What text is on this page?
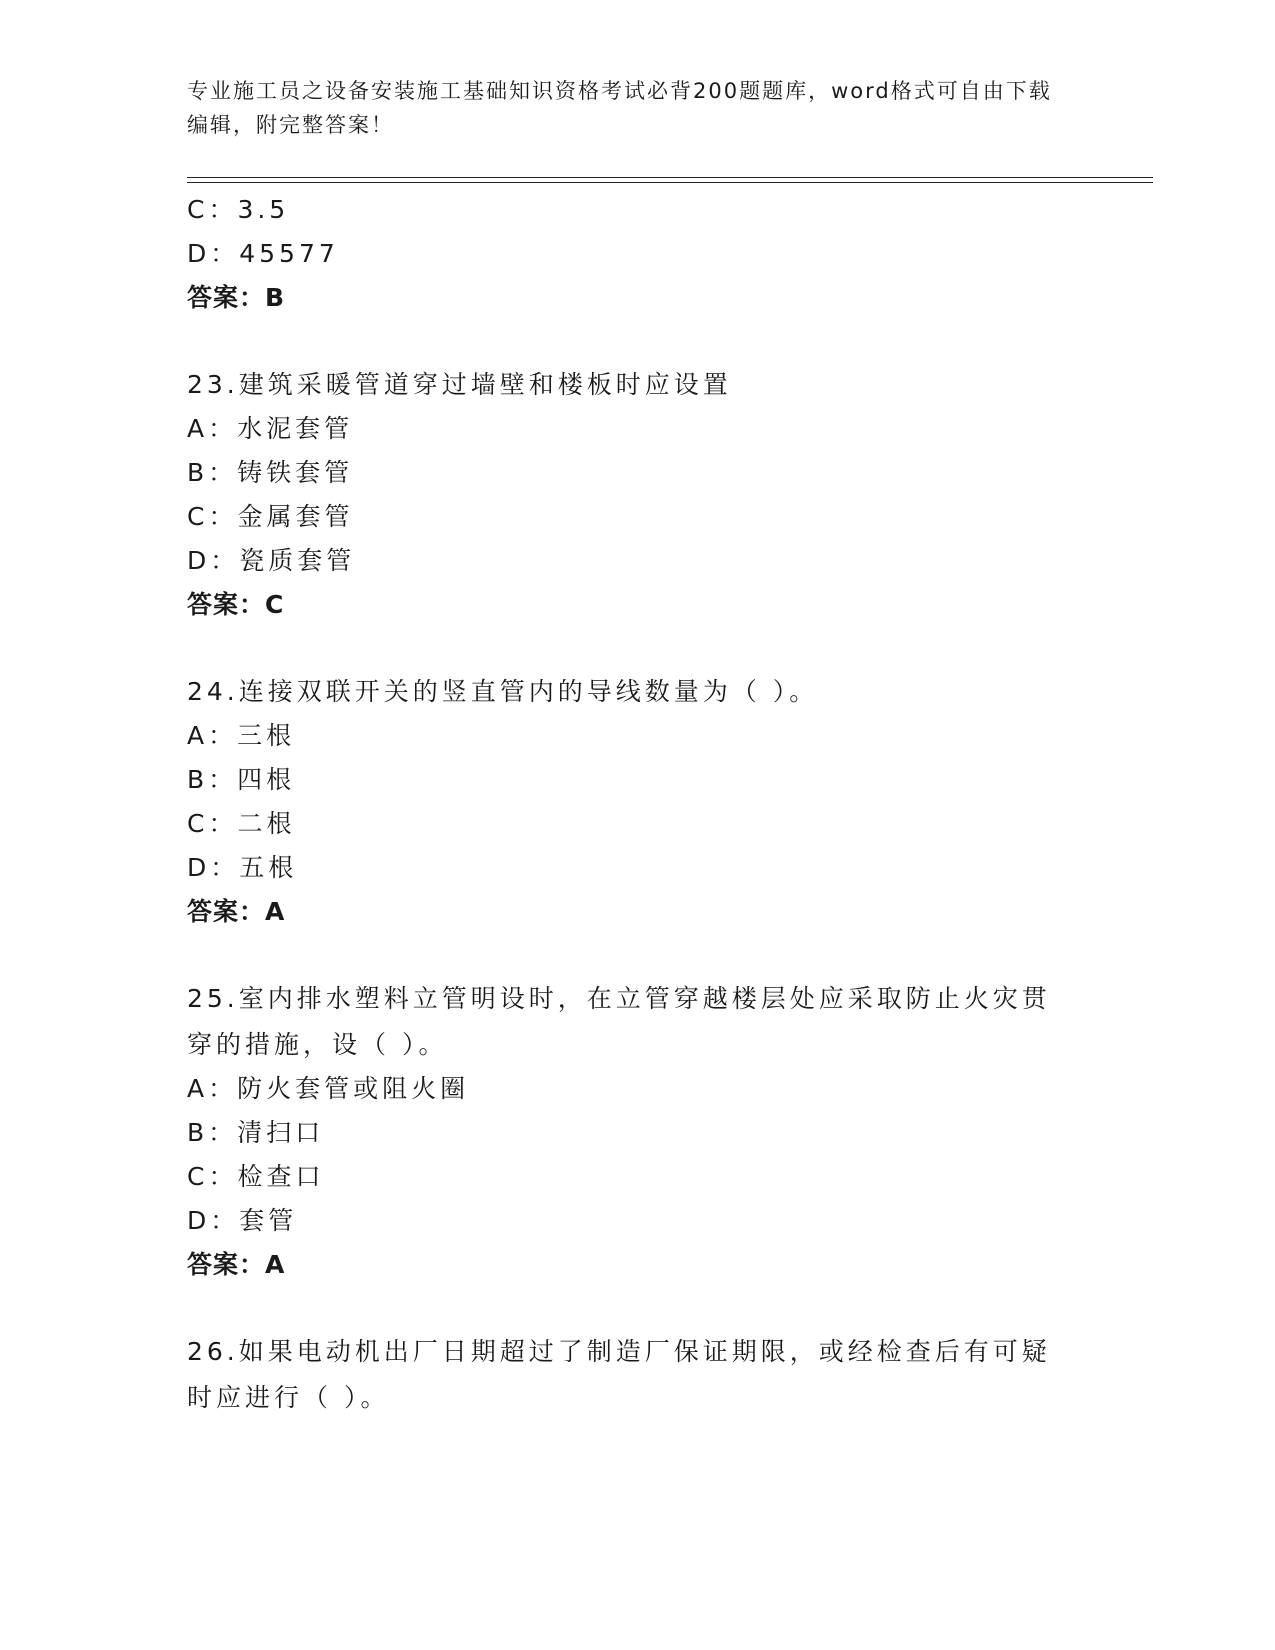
专业施工员之设备安装施工基础知识资格考试必背200题题库，word格式可自由下载编辑，附完整答案！
C：3.5
D：45577
答案：B
23.建筑采暖管道穿过墙壁和楼板时应设置
A：水泥套管
B：铸铁套管
C：金属套管
D：瓷质套管
答案：C
24.连接双联开关的竖直管内的导线数量为（ ）。
A：三根
B：四根
C：二根
D：五根
答案：A
25.室内排水塑料立管明设时，在立管穿越楼层处应采取防止火灾贯穿的措施，设（ ）。
A：防火套管或阻火圈
B：清扫口
C：检查口
D：套管
答案：A
26.如果电动机出厂日期超过了制造厂保证期限，或经检查后有可疑时应进行（ ）。
